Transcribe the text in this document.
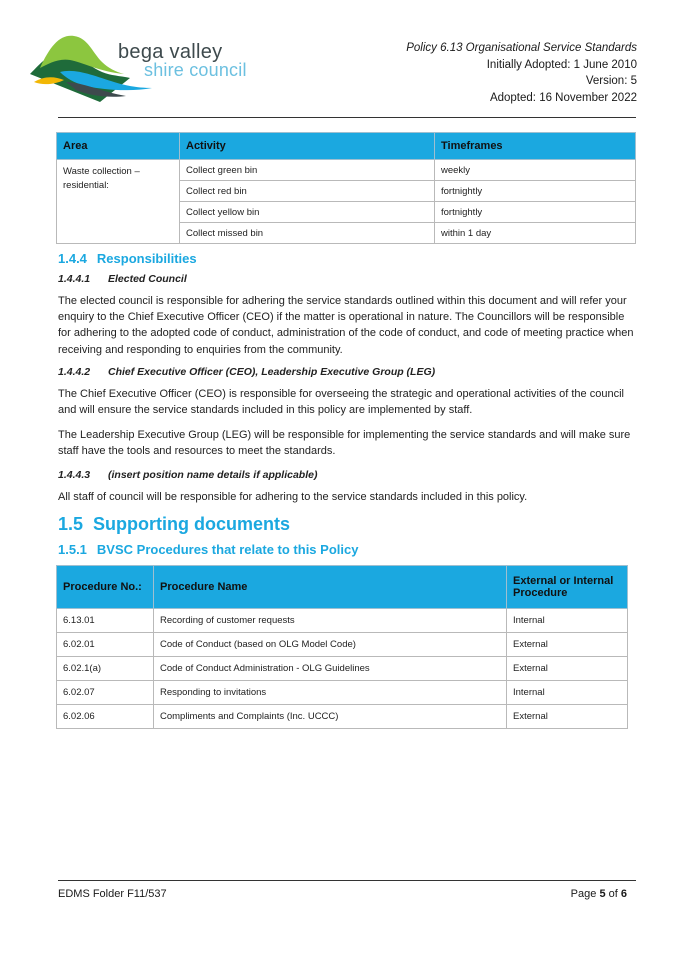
bega valley
shire council
Policy 6.13 Organisational Service Standards
Initially Adopted: 1 June 2010
Version: 5
Adopted: 16 November 2022
Area	Activity	Timeframes
Waste collection – residential:	Collect green bin	weekly
	Collect red bin	fortnightly
	Collect yellow bin	fortnightly
	Collect missed bin	within 1 day
1.4.4 Responsibilities
1.4.4.1 Elected Council
The elected council is responsible for adhering the service standards outlined within this document and will refer your enquiry to the Chief Executive Officer (CEO) if the matter is operational in nature. The Councillors will be responsible for adhering to the adopted code of conduct, administration of the code of conduct, and code of meeting practice when receiving and responding to enquiries from the community.
1.4.4.2 Chief Executive Officer (CEO), Leadership Executive Group (LEG)
The Chief Executive Officer (CEO) is responsible for overseeing the strategic and operational activities of the council and will ensure the service standards included in this policy are implemented by staff.
The Leadership Executive Group (LEG) will be responsible for implementing the service standards and will make sure staff have the tools and resources to meet the standards.
1.4.4.3 (insert position name details if applicable)
All staff of council will be responsible for adhering to the service standards included in this policy.
1.5 Supporting documents
1.5.1 BVSC Procedures that relate to this Policy
Procedure No.:	Procedure Name	External or Internal Procedure
6.13.01	Recording of customer requests	Internal
6.02.01	Code of Conduct (based on OLG Model Code)	External
6.02.1(a)	Code of Conduct Administration - OLG Guidelines	External
6.02.07	Responding to invitations	Internal
6.02.06	Compliments and Complaints (Inc. UCCC)	External
EDMS Folder F11/537	Page 5 of 6
